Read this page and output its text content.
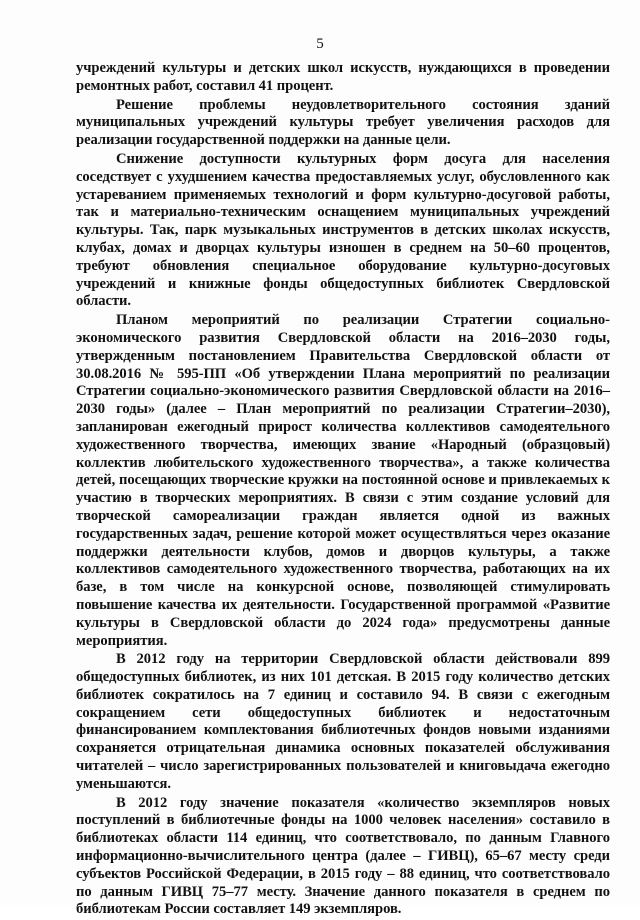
5

учреждений культуры и детских школ искусств, нуждающихся в проведении ремонтных работ, составил 41 процент.

Решение проблемы неудовлетворительного состояния зданий муниципальных учреждений культуры требует увеличения расходов для реализации государственной поддержки на данные цели.

Снижение доступности культурных форм досуга для населения соседствует с ухудшением качества предоставляемых услуг, обусловленного как устареванием применяемых технологий и форм культурно-досуговой работы, так и материально-техническим оснащением муниципальных учреждений культуры. Так, парк музыкальных инструментов в детских школах искусств, клубах, домах и дворцах культуры изношен в среднем на 50–60 процентов, требуют обновления специальное оборудование культурно-досуговых учреждений и книжные фонды общедоступных библиотек Свердловской области.

Планом мероприятий по реализации Стратегии социально-экономического развития Свердловской области на 2016–2030 годы, утвержденным постановлением Правительства Свердловской области от 30.08.2016 № 595-ПП «Об утверждении Плана мероприятий по реализации Стратегии социально-экономического развития Свердловской области на 2016–2030 годы» (далее – План мероприятий по реализации Стратегии–2030), запланирован ежегодный прирост количества коллективов самодеятельного художественного творчества, имеющих звание «Народный (образцовый) коллектив любительского художественного творчества», а также количества детей, посещающих творческие кружки на постоянной основе и привлекаемых к участию в творческих мероприятиях. В связи с этим создание условий для творческой самореализации граждан является одной из важных государственных задач, решение которой может осуществляться через оказание поддержки деятельности клубов, домов и дворцов культуры, а также коллективов самодеятельного художественного творчества, работающих на их базе, в том числе на конкурсной основе, позволяющей стимулировать повышение качества их деятельности. Государственной программой «Развитие культуры в Свердловской области до 2024 года» предусмотрены данные мероприятия.

В 2012 году на территории Свердловской области действовали 899 общедоступных библиотек, из них 101 детская. В 2015 году количество детских библиотек сократилось на 7 единиц и составило 94. В связи с ежегодным сокращением сети общедоступных библиотек и недостаточным финансированием комплектования библиотечных фондов новыми изданиями сохраняется отрицательная динамика основных показателей обслуживания читателей – число зарегистрированных пользователей и книговыдача ежегодно уменьшаются.

В 2012 году значение показателя «количество экземпляров новых поступлений в библиотечные фонды на 1000 человек населения» составило в библиотеках области 114 единиц, что соответствовало, по данным Главного информационно-вычислительного центра (далее – ГИВЦ), 65–67 месту среди субъектов Российской Федерации, в 2015 году – 88 единиц, что соответствовало по данным ГИВЦ 75–77 месту. Значение данного показателя в среднем по библиотекам России составляет 149 экземпляров.
